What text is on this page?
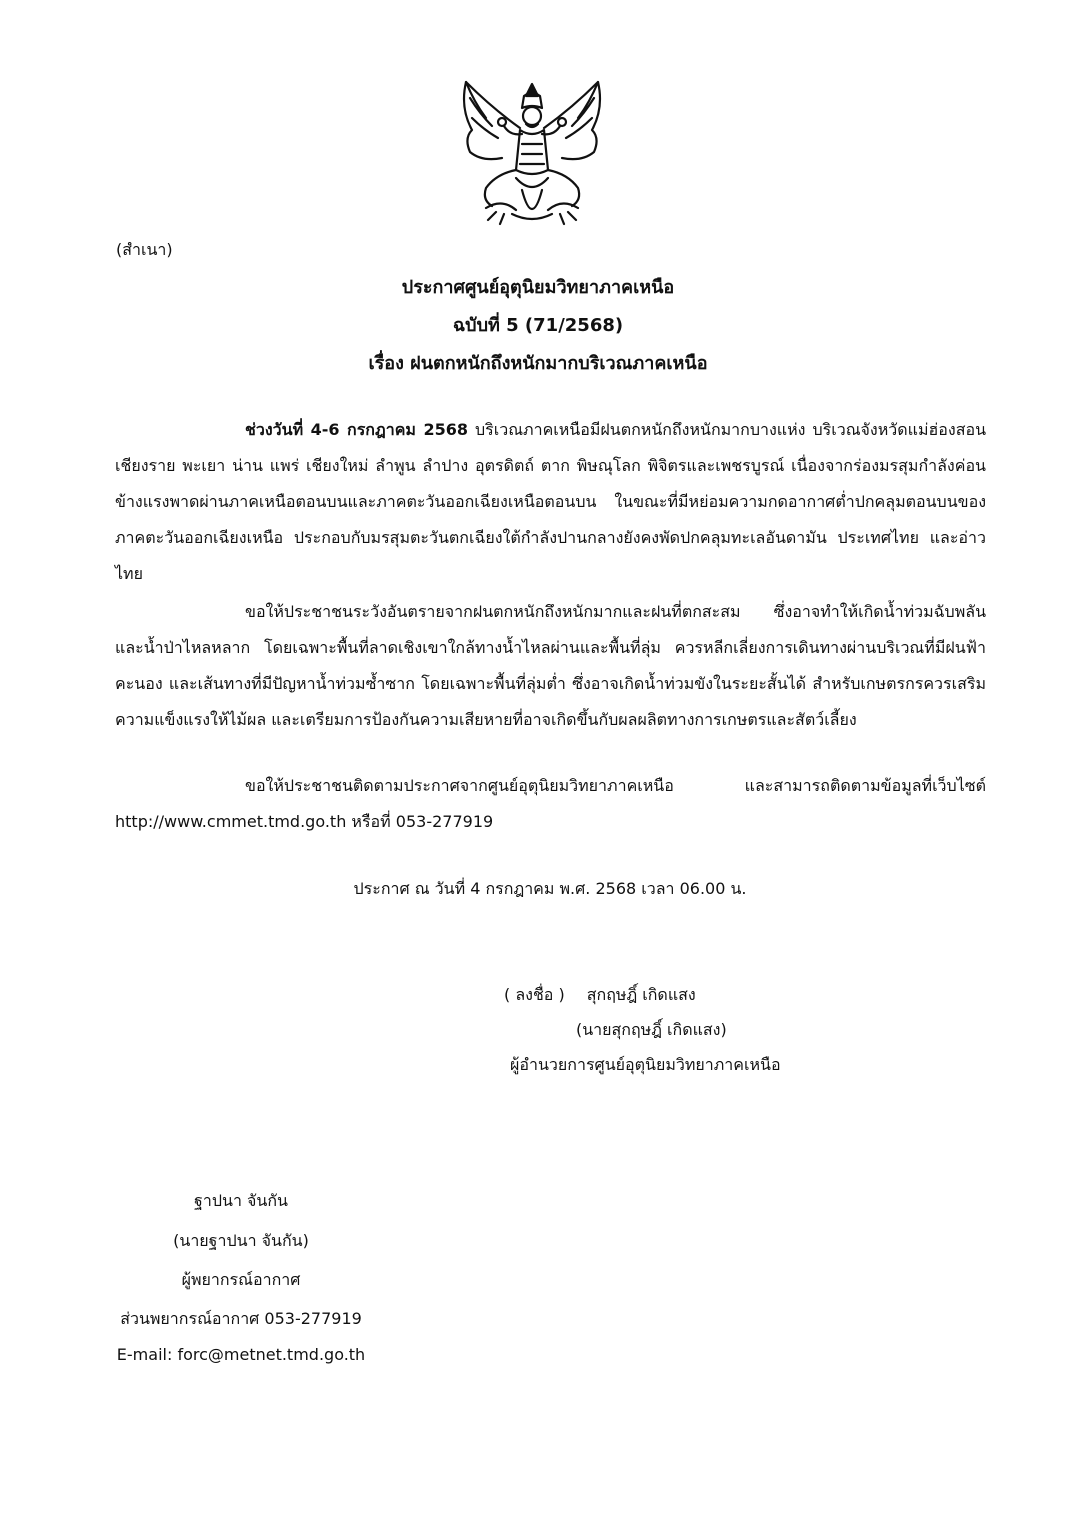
(สำเนา)
ประกาศศูนย์อุตุนิยมวิทยาภาคเหนือ
ฉบับที่ 5 (71/2568)
เรื่อง ฝนตกหนักถึงหนักมากบริเวณภาคเหนือ
ช่วงวันที่ 4-6 กรกฎาคม 2568 บริเวณภาคเหนือมีฝนตกหนักถึงหนักมากบางแห่ง บริเวณจังหวัดแม่ฮ่องสอน เชียงราย พะเยา น่าน แพร่ เชียงใหม่ ลำพูน ลำปาง อุตรดิตถ์ ตาก พิษณุโลก พิจิตรและเพชรบูรณ์ เนื่องจากร่องมรสุมกำลังค่อนข้างแรงพาดผ่านภาคเหนือตอนบนและภาคตะวันออกเฉียงเหนือตอนบน ในขณะที่มีหย่อมความกดอากาศต่ำปกคลุมตอนบนของภาคตะวันออกเฉียงเหนือ ประกอบกับมรสุมตะวันตกเฉียงใต้กำลังปานกลางยังคงพัดปกคลุมทะเลอันดามัน ประเทศไทย และอ่าวไทย
ขอให้ประชาชนระวังอันตรายจากฝนตกหนักถึงหนักมากและฝนที่ตกสะสม ซึ่งอาจทำให้เกิดน้ำท่วมฉับพลันและน้ำป่าไหลหลาก โดยเฉพาะพื้นที่ลาดเชิงเขาใกล้ทางน้ำไหลผ่านและพื้นที่ลุ่ม ควรหลีกเลี่ยงการเดินทางผ่านบริเวณที่มีฝนฟ้าคะนอง และเส้นทางที่มีปัญหาน้ำท่วมซ้ำซาก โดยเฉพาะพื้นที่ลุ่มต่ำ ซึ่งอาจเกิดน้ำท่วมขังในระยะสั้นได้ สำหรับเกษตรกรควรเสริมความแข็งแรงให้ไม้ผล และเตรียมการป้องกันความเสียหายที่อาจเกิดขึ้นกับผลผลิตทางการเกษตรและสัตว์เลี้ยง
ขอให้ประชาชนติดตามประกาศจากศูนย์อุตุนิยมวิทยาภาคเหนือ และสามารถติดตามข้อมูลที่เว็บไซต์ http://www.cmmet.tmd.go.th หรือที่ 053-277919
ประกาศ ณ วันที่ 4 กรกฎาคม พ.ศ. 2568 เวลา 06.00 น.
( ลงชื่อ ) สุกฤษฎิ์ เกิดแสง
(นายสุกฤษฎิ์ เกิดแสง)
ผู้อำนวยการศูนย์อุตุนิยมวิทยาภาคเหนือ
ฐาปนา จันกัน
(นายฐาปนา จันกัน)
ผู้พยากรณ์อากาศ
ส่วนพยากรณ์อากาศ 053-277919
E-mail: forc@metnet.tmd.go.th
